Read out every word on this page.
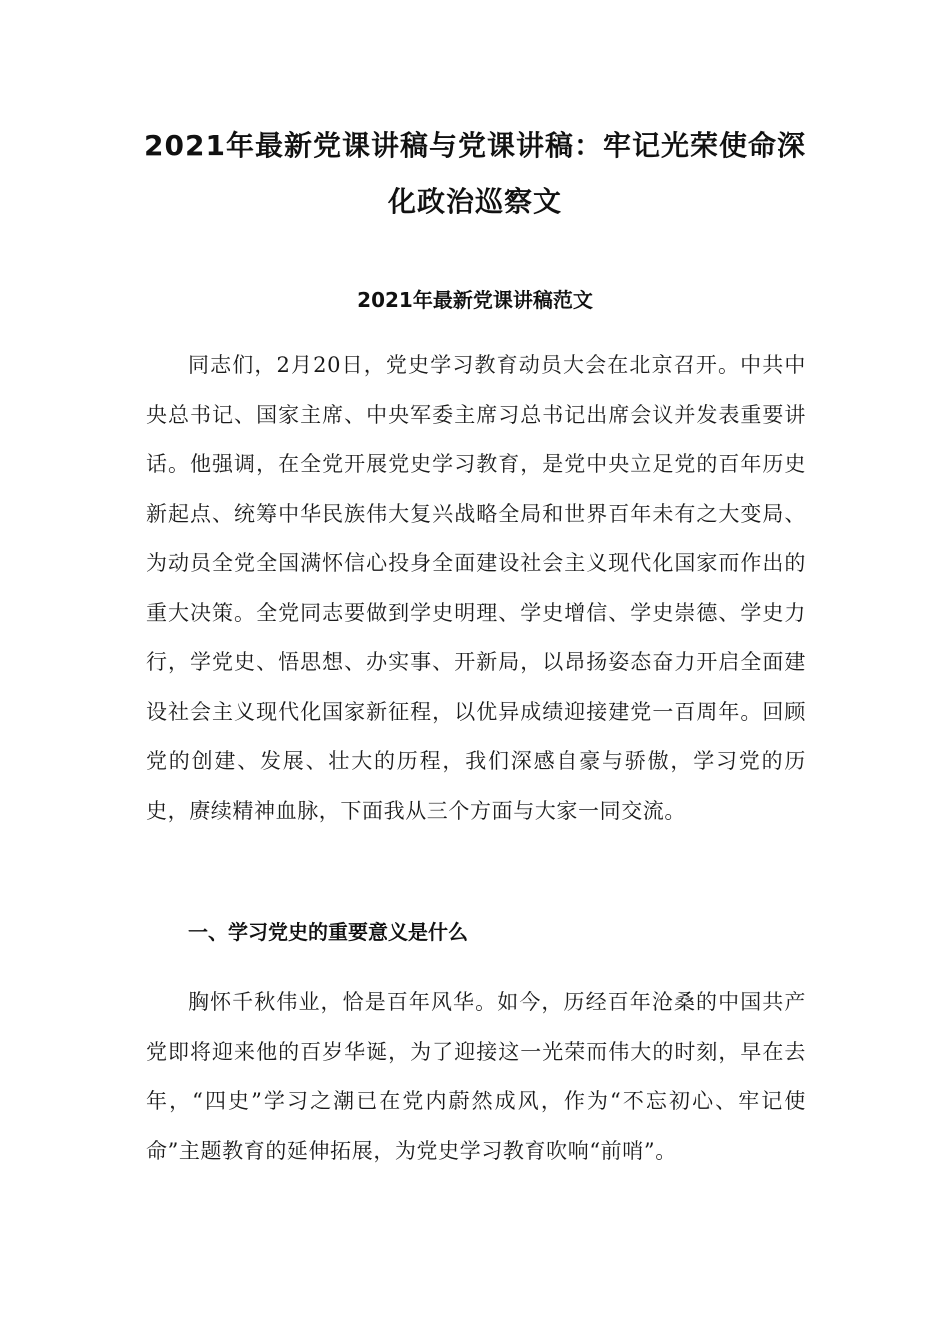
2021年最新党课讲稿与党课讲稿：牢记光荣使命深化政治巡察文
2021年最新党课讲稿范文

同志们，2月20日，党史学习教育动员大会在北京召开。中共中央总书记、国家主席、中央军委主席习总书记出席会议并发表重要讲话。他强调，在全党开展党史学习教育，是党中央立足党的百年历史新起点、统筹中华民族伟大复兴战略全局和世界百年未有之大变局、为动员全党全国满怀信心投身全面建设社会主义现代化国家而作出的重大决策。全党同志要做到学史明理、学史增信、学史崇德、学史力行，学党史、悟思想、办实事、开新局，以昂扬姿态奋力开启全面建设社会主义现代化国家新征程，以优异成绩迎接建党一百周年。回顾党的创建、发展、壮大的历程，我们深感自豪与骄傲，学习党的历史，赓续精神血脉，下面我从三个方面与大家一同交流。

一、学习党史的重要意义是什么

胸怀千秋伟业，恰是百年风华。如今，历经百年沧桑的中国共产党即将迎来他的百岁华诞，为了迎接这一光荣而伟大的时刻，早在去年，“四史”学习之潮已在党内蔚然成风，作为“不忘初心、牢记使命”主题教育的延伸拓展，为党史学习教育吹响“前哨”。
